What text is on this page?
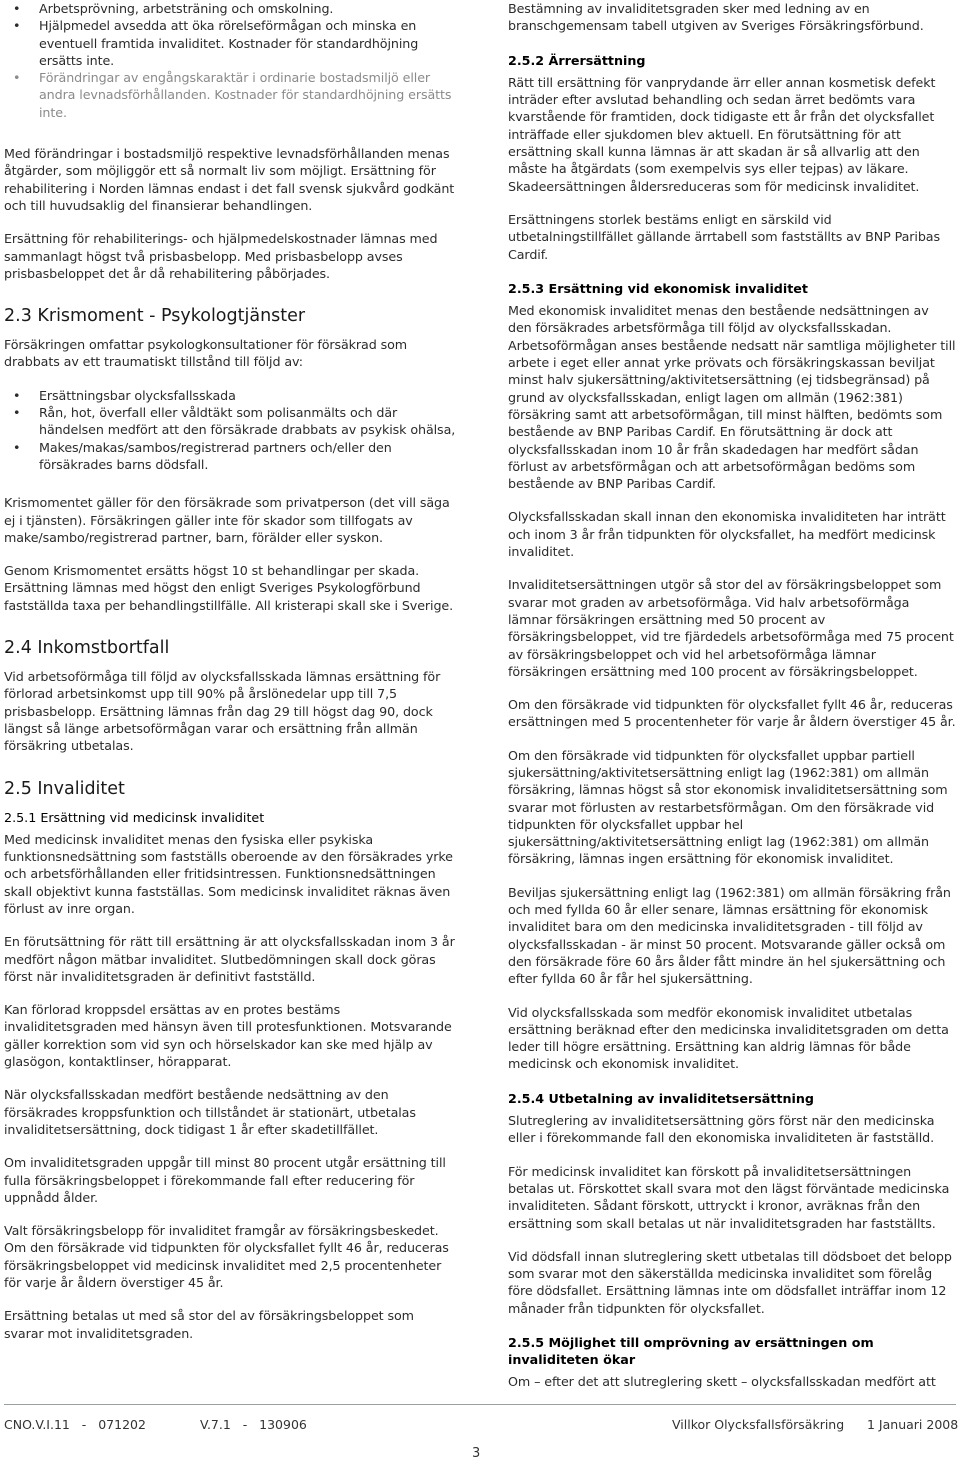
• Arbetsprövning, arbetsträning och omskolning.
• Hjälpmedel avsedda att öka rörelseförmågan och minska en eventuell framtida invaliditet. Kostnader för standardhöjning ersätts inte.
• Förändringar av engångskaraktär i ordinarie bostadsmiljö eller andra levnadsförhållanden. Kostnader för standardhöjning ersätts inte.

Med förändringar i bostadsmiljö respektive levnadsförhållanden menas åtgärder, som möjliggör ett så normalt liv som möjligt. Ersättning för rehabilitering i Norden lämnas endast i det fall svensk sjukvård godkänt och till huvudsaklig del finansierar behandlingen.

Ersättning för rehabiliterings- och hjälpmedelskostnader lämnas med sammanlagt högst två prisbasbelopp. Med prisbasbelopp avses prisbasbeloppet det år då rehabilitering påbörjades.

2.3 Krismoment - Psykologtjänster

Försäkringen omfattar psykologkonsultationer för försäkrad som drabbats av ett traumatiskt tillstånd till följd av:

• Ersättningsbar olycksfallsskada
• Rån, hot, överfall eller våldtäkt som polisanmälts och där händelsen medfört att den försäkrade drabbats av psykisk ohälsa,
• Makes/makas/sambos/registrerad partners och/eller den försäkrades barns dödsfall.

Krismomentet gäller för den försäkrade som privatperson (det vill säga ej i tjänsten). Försäkringen gäller inte för skador som tillfogats av make/sambo/registrerad partner, barn, förälder eller syskon.

Genom Krismomentet ersätts högst 10 st behandlingar per skada. Ersättning lämnas med högst den enligt Sveriges Psykologförbund fastställda taxa per behandlingstillfälle. All kristerapi skall ske i Sverige.

2.4 Inkomstbortfall

Vid arbetsoförmåga till följd av olycksfallsskada lämnas ersättning för förlorad arbetsinkomst upp till 90% på årslönedelar upp till 7,5 prisbasbelopp. Ersättning lämnas från dag 29 till högst dag 90, dock längst så länge arbetsoförmågan varar och ersättning från allmän försäkring utbetalas.

2.5 Invaliditet
2.5.1 Ersättning vid medicinsk invaliditet

Med medicinsk invaliditet menas den fysiska eller psykiska funktionsnedsättning som fastställs oberoende av den försäkrades yrke och arbetsförhållanden eller fritidsintressen. Funktionsnedsättningen skall objektivt kunna fastställas. Som medicinsk invaliditet räknas även förlust av inre organ.

En förutsättning för rätt till ersättning är att olycksfallsskadan inom 3 år medfört någon mätbar invaliditet. Slutbedömningen skall dock göras först när invaliditetsgraden är definitivt fastställd.

Kan förlorad kroppsdel ersättas av en protes bestäms invaliditetsgraden med hänsyn även till protesfunktionen. Motsvarande gäller korrektion som vid syn och hörselskador kan ske med hjälp av glasögon, kontaktlinser, hörapparat.

När olycksfallsskadan medfört bestående nedsättning av den försäkrades kroppsfunktion och tillståndet är stationärt, utbetalas invaliditetsersättning, dock tidigast 1 år efter skadetillfället.

Om invaliditetsgraden uppgår till minst 80 procent utgår ersättning till fulla försäkringsbeloppet i förekommande fall efter reducering för uppnådd ålder.

Valt försäkringsbelopp för invaliditet framgår av försäkringsbeskedet. Om den försäkrade vid tidpunkten för olycksfallet fyllt 46 år, reduceras försäkringsbeloppet vid medicinsk invaliditet med 2,5 procentenheter för varje år åldern överstiger 45 år.

Ersättning betalas ut med så stor del av försäkringsbeloppet som svarar mot invaliditetsgraden.

Bestämning av invaliditetsgraden sker med ledning av en branschgemensam tabell utgiven av Sveriges Försäkringsförbund.

2.5.2 Ärrersättning

Rätt till ersättning för vanprydande ärr eller annan kosmetisk defekt inträder efter avslutad behandling och sedan ärret bedömts vara kvarstående för framtiden, dock tidigaste ett år från det olycksfallet inträffade eller sjukdomen blev aktuell. En förutsättning för att ersättning skall kunna lämnas är att skadan är så allvarlig att den måste ha åtgärdats (som exempelvis sys eller tejpas) av läkare. Skadeersättningen åldersreduceras som för medicinsk invaliditet.

Ersättningens storlek bestäms enligt en särskild vid utbetalningstillfället gällande ärrtabell som fastställts av BNP Paribas Cardif.

2.5.3 Ersättning vid ekonomisk invaliditet

Med ekonomisk invaliditet menas den bestående nedsättningen av den försäkrades arbetsförmåga till följd av olycksfallsskadan. Arbetsoförmågan anses bestående nedsatt när samtliga möjligheter till arbete i eget eller annat yrke prövats och försäkringskassan beviljat minst halv sjukersättning/aktivitetsersättning (ej tidsbegränsad) på grund av olycksfallsskadan, enligt lagen om allmän (1962:381) försäkring samt att arbetsoförmågan, till minst hälften, bedömts som bestående av BNP Paribas Cardif. En förutsättning är dock att olycksfallsskadan inom 10 år från skadedagen har medfört sådan förlust av arbetsförmågan och att arbetsoförmågan bedöms som bestående av BNP Paribas Cardif.

Olycksfallsskadan skall innan den ekonomiska invaliditeten har inträtt och inom 3 år från tidpunkten för olycksfallet, ha medfört medicinsk invaliditet.

Invaliditetsersättningen utgör så stor del av försäkringsbeloppet som svarar mot graden av arbetsoförmåga. Vid halv arbetsoförmåga lämnar försäkringen ersättning med 50 procent av försäkringsbeloppet, vid tre fjärdedels arbetsoförmåga med 75 procent av försäkringsbeloppet och vid hel arbetsoförmåga lämnar försäkringen ersättning med 100 procent av försäkringsbeloppet.

Om den försäkrade vid tidpunkten för olycksfallet fyllt 46 år, reduceras ersättningen med 5 procentenheter för varje år åldern överstiger 45 år.

Om den försäkrade vid tidpunkten för olycksfallet uppbar partiell sjukersättning/aktivitetsersättning enligt lag (1962:381) om allmän försäkring, lämnas högst så stor ekonomisk invaliditetsersättning som svarar mot förlusten av restarbetsförmågan. Om den försäkrade vid tidpunkten för olycksfallet uppbar hel sjukersättning/aktivitetsersättning enligt lag (1962:381) om allmän försäkring, lämnas ingen ersättning för ekonomisk invaliditet.

Beviljas sjukersättning enligt lag (1962:381) om allmän försäkring från och med fyllda 60 år eller senare, lämnas ersättning för ekonomisk invaliditet bara om den medicinska invaliditetsgraden - till följd av olycksfallsskadan - är minst 50 procent. Motsvarande gäller också om den försäkrade före 60 års ålder fått mindre än hel sjukersättning och efter fyllda 60 år får hel sjukersättning.

Vid olycksfallsskada som medför ekonomisk invaliditet utbetalas ersättning beräknad efter den medicinska invaliditetsgraden om detta leder till högre ersättning. Ersättning kan aldrig lämnas för både medicinsk och ekonomisk invaliditet.

2.5.4 Utbetalning av invaliditetsersättning

Slutreglering av invaliditetsersättning görs först när den medicinska eller i förekommande fall den ekonomiska invaliditeten är fastställd.

För medicinsk invaliditet kan förskott på invaliditetsersättningen betalas ut. Förskottet skall svara mot den lägst förväntade medicinska invaliditeten. Sådant förskott, uttryckt i kronor, avräknas från den ersättning som skall betalas ut när invaliditetsgraden har fastställts.

Vid dödsfall innan slutreglering skett utbetalas till dödsboet det belopp som svarar mot den säkerställda medicinska invaliditet som förelåg före dödsfallet. Ersättning lämnas inte om dödsfallet inträffar inom 12 månader från tidpunkten för olycksfallet.

2.5.5 Möjlighet till omprövning av ersättningen om invaliditeten ökar

Om – efter det att slutreglering skett – olycksfallsskadan medfört att

CNO.V.I.11   -   071202	V.7.1   -   130906	Villkor Olycksfallsförsäkring 1 Januari 2008
3
